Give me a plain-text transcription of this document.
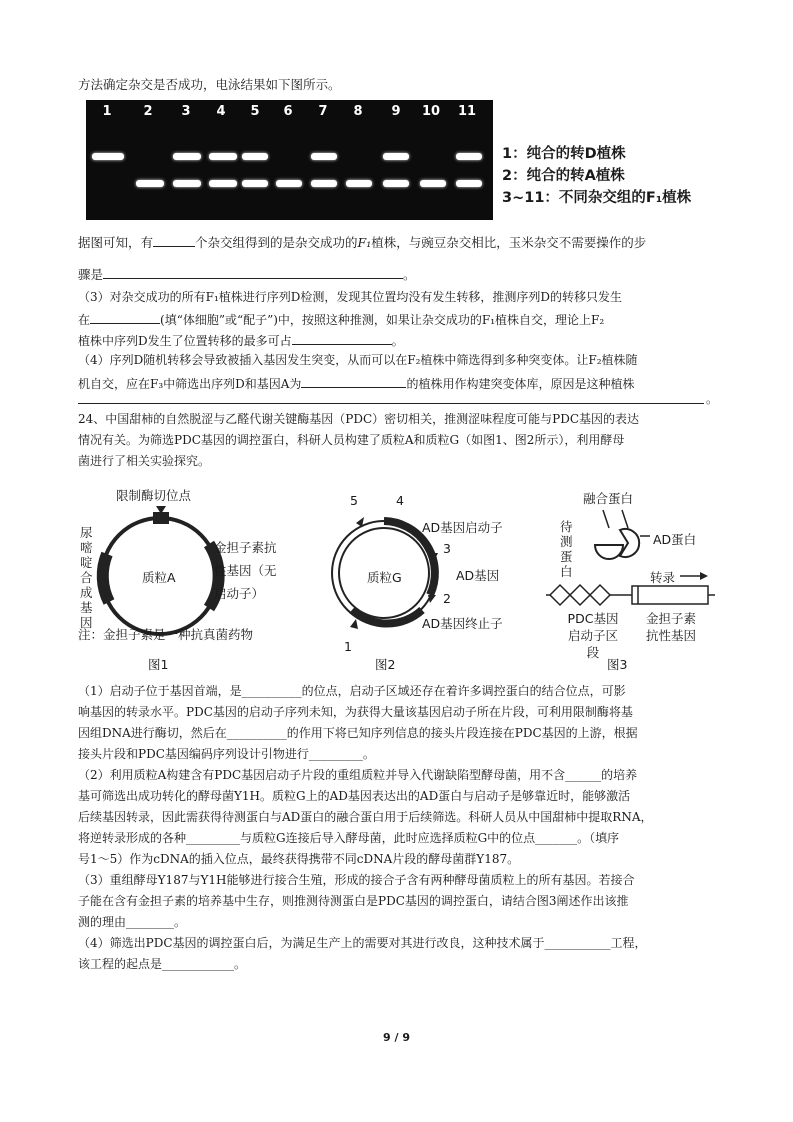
方法确定杂交是否成功，电泳结果如下图所示。
1	2	3	4	5	6	7	8	9	10 11
1：纯合的转D植株
2：纯合的转A植株
3~11：不同杂交组的F₁植株
据图可知，有	个杂交组得到的是杂交成功的F₁植株，与豌豆杂交相比，玉米杂交不需要操作的步
骤是	。
（3）对杂交成功的所有F₁植株进行序列D检测，发现其位置均没有发生转移，推测序列D的转移只发生
在	(填“体细胞”或“配子”)中，按照这种推测，如果让杂交成功的F₁植株自交，理论上F₂
植株中序列D发生了位置转移的最多可占	。
（4）序列D随机转移会导致被插入基因发生突变，从而可以在F₂植株中筛选得到多种突变体。让F₂植株随
机自交，应在F₃中筛选出序列D和基因A为	的植株用作构建突变体库，原因是这种植株
。
24、中国甜柿的自然脱涩与乙醛代谢关键酶基因（PDC）密切相关，推测涩味程度可能与PDC基因的表达
情况有关。为筛选PDC基因的调控蛋白，科研人员构建了质粒A和质粒G（如图1、图2所示），利用酵母
菌进行了相关实验探究。
限制酶切位点
尿嘧啶合成基因
质粒A
金担子素抗
性基因（无
启动子）
注：金担子素是一种抗真菌药物
图1
5	4
3
2
1
质粒G
AD基因启动子
AD基因
AD基因终止子
图2
融合蛋白
待
测
蛋
白
AD蛋白
转录
PDC基因
启动子区段
金担子素
抗性基因
图3
（1）启动子位于基因首端，是__________的位点，启动子区域还存在着许多调控蛋白的结合位点，可影
响基因的转录水平。PDC基因的启动子序列未知，为获得大量该基因启动子所在片段，可利用限制酶将基
因组DNA进行酶切，然后在__________的作用下将已知序列信息的接头片段连接在PDC基因的上游，根据
接头片段和PDC基因编码序列设计引物进行_________。
（2）利用质粒A构建含有PDC基因启动子片段的重组质粒并导入代谢缺陷型酵母菌，用不含______的培养
基可筛选出成功转化的酵母菌Y1H。质粒G上的AD基因表达出的AD蛋白与启动子是够靠近时，能够激活
后续基因转录，因此需获得待测蛋白与AD蛋白的融合蛋白用于后续筛选。科研人员从中国甜柿中提取RNA，
将逆转录形成的各种_________与质粒G连接后导入酵母菌，此时应选择质粒G中的位点_______。（填序
号1～5）作为cDNA的插入位点，最终获得携带不同cDNA片段的酵母菌群Y187。
（3）重组酵母Y187与Y1H能够进行接合生殖，形成的接合子含有两种酵母菌质粒上的所有基因。若接合
子能在含有金担子素的培养基中生存，则推测待测蛋白是PDC基因的调控蛋白，请结合图3阐述作出该推
测的理由________。
（4）筛选出PDC基因的调控蛋白后，为满足生产上的需要对其进行改良，这种技术属于___________工程，
该工程的起点是____________。
9 / 9
